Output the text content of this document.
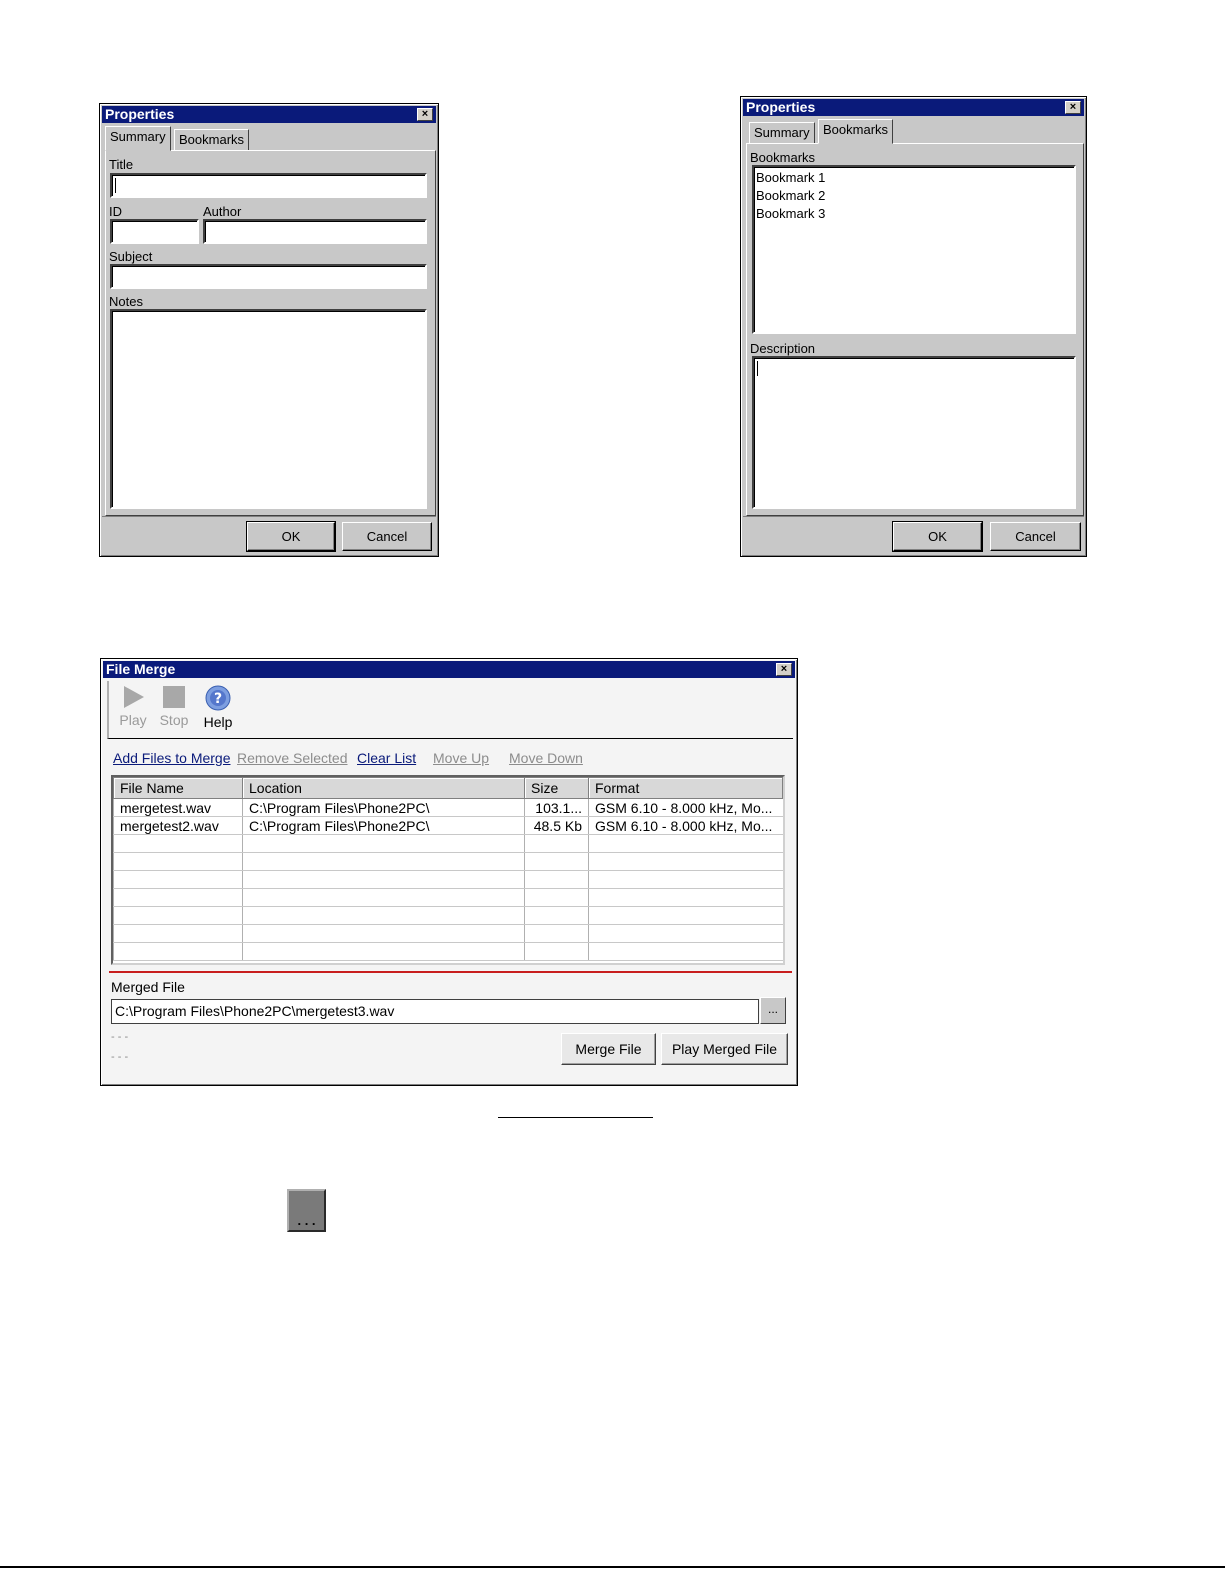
Properties	×
Summary	Bookmarks
Title
ID	Author
Subject
Notes
OK	Cancel
Properties	×
Summary	Bookmarks
Bookmarks
Bookmark 1
Bookmark 2
Bookmark 3
Description
OK	Cancel
File Merge	×
Play Stop
?
Help
Add Files to Merge Remove Selected Clear List Move Up Move Down
File Name	Location	Size	Format
mergetest.wav	C:\Program Files\Phone2PC\	103.1...	GSM 6.10 - 8.000 kHz, Mo...
mergetest2.wav	C:\Program Files\Phone2PC\	48.5 Kb	GSM 6.10 - 8.000 kHz, Mo...

Merged File
C:\Program Files\Phone2PC\mergetest3.wav	...
- - -
- - -	Merge File	Play Merged File
. . .
